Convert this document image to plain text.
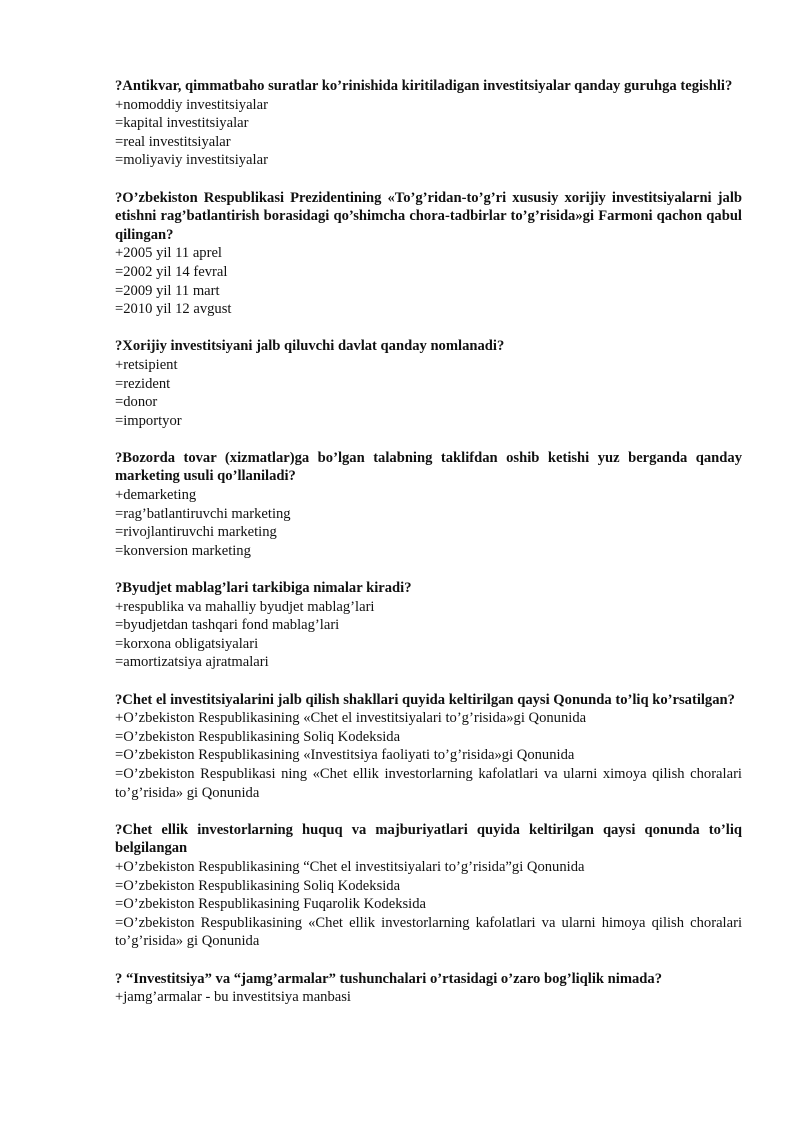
?Antikvar, qimmatbaho suratlar ko’rinishida kiritiladigan investitsiyalar qanday guruhga tegishli?

+nomoddiy investitsiyalar

=kapital investitsiyalar

=real investitsiyalar

=moliyaviy investitsiyalar

?O’zbekiston Respublikasi Prezidentining «To’g’ridan-to’g’ri xususiy xorijiy investitsiyalarni jalb etishni rag’batlantirish borasidagi qo’shimcha chora-tadbirlar to’g’risida»gi Farmoni qachon qabul qilingan?

+2005 yil 11 aprel

=2002 yil 14 fevral

=2009 yil 11 mart

=2010 yil 12 avgust

?Xorijiy investitsiyani jalb qiluvchi davlat qanday nomlanadi?

+retsipient

=rezident

=donor

=importyor

?Bozorda tovar (xizmatlar)ga bo’lgan talabning taklifdan oshib ketishi yuz berganda qanday marketing usuli qo’llaniladi?

+demarketing

=rag’batlantiruvchi marketing

=rivojlantiruvchi marketing

=konversion marketing

?Byudjet mablag’lari tarkibiga nimalar kiradi?

+respublika va mahalliy byudjet mablag’lari

=byudjetdan tashqari fond mablag’lari

=korxona obligatsiyalari

=amortizatsiya ajratmalari

?Chet el investitsiyalarini jalb qilish shakllari quyida keltirilgan qaysi Qonunda to’liq ko’rsatilgan?

+O’zbekiston Respublikasining «Chet el investitsiyalari to’g’risida»gi Qonunida

=O’zbekiston Respublikasining Soliq Kodeksida

=O’zbekiston Respublikasining «Investitsiya faoliyati to’g’risida»gi Qonunida

=O’zbekiston Respublikasi ning «Chet ellik investorlarning kafolatlari va ularni ximoya qilish choralari to’g’risida» gi Qonunida

?Chet ellik investorlarning huquq va majburiyatlari quyida keltirilgan qaysi qonunda to’liq belgilangan

+O’zbekiston Respublikasining “Chet el investitsiyalari to’g’risida”gi Qonunida

=O’zbekiston Respublikasining Soliq Kodeksida

=O’zbekiston Respublikasining Fuqarolik Kodeksida

=O’zbekiston Respublikasining «Chet ellik investorlarning kafolatlari va ularni himoya qilish choralari to’g’risida» gi Qonunida

? “Investitsiya” va “jamg’armalar” tushunchalari o’rtasidagi o’zaro bog’liqlik nimada?

+jamg’armalar - bu investitsiya manbasi
